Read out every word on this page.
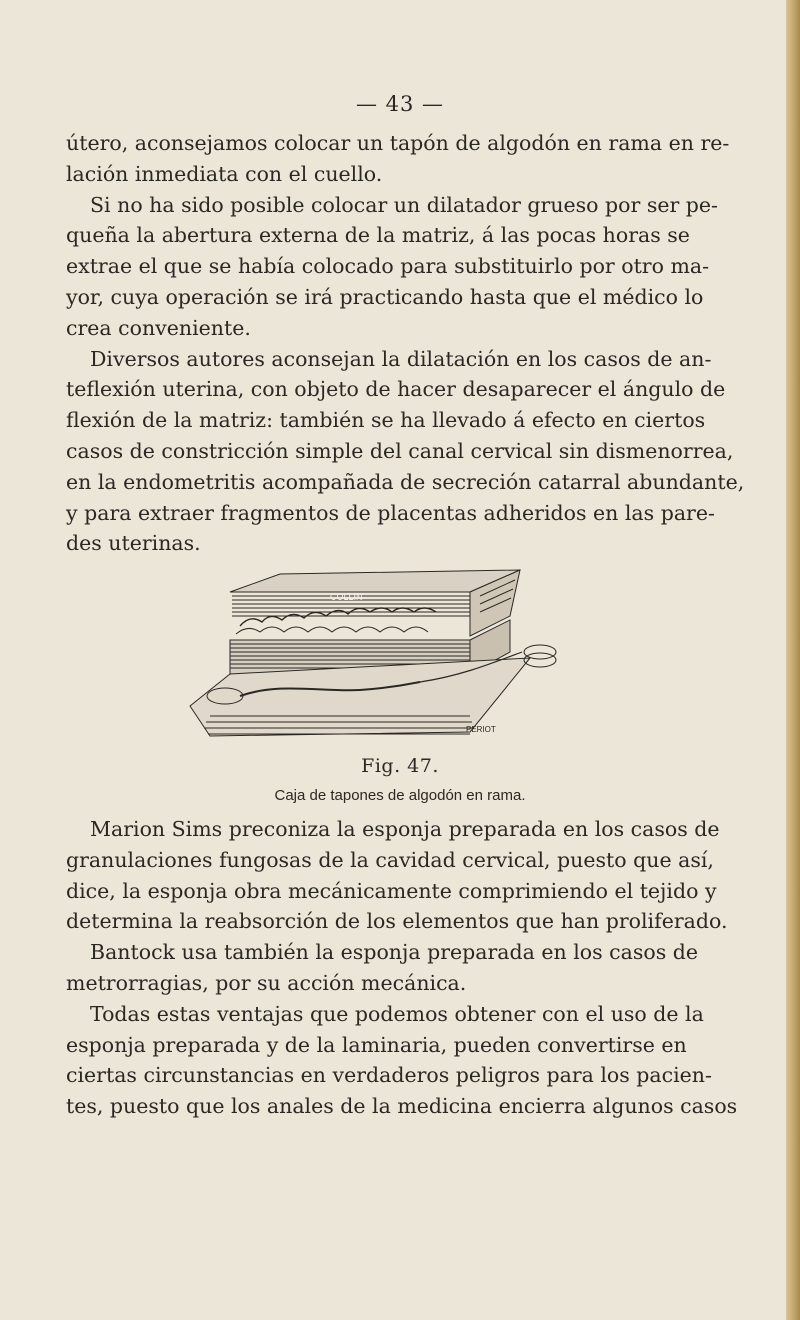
— 43 —

útero, aconsejamos colocar un tapón de algodón en rama en re-
lación inmediata con el cuello.

Si no ha sido posible colocar un dilatador grueso por ser pe-
queña la abertura externa de la matriz, á las pocas horas se
extrae el que se había colocado para substituirlo por otro ma-
yor, cuya operación se irá practicando hasta que el médico lo
crea conveniente.

Diversos autores aconsejan la dilatación en los casos de an-
teflexión uterina, con objeto de hacer desaparecer el ángulo de
flexión de la matriz: también se ha llevado á efecto en ciertos
casos de constricción simple del canal cervical sin dismenorrea,
en la endometritis acompañada de secreción catarral abundante,
y para extraer fragmentos de placentas adheridos en las pare-
des uterinas.

COLLIN
PERIOT
Fig. 47.
Caja de tapones de algodón en rama.

Marion Sims preconiza la esponja preparada en los casos de
granulaciones fungosas de la cavidad cervical, puesto que así,
dice, la esponja obra mecánicamente comprimiendo el tejido y
determina la reabsorción de los elementos que han proliferado.

Bantock usa también la esponja preparada en los casos de
metrorragias, por su acción mecánica.

Todas estas ventajas que podemos obtener con el uso de la
esponja preparada y de la laminaria, pueden convertirse en
ciertas circunstancias en verdaderos peligros para los pacien-
tes, puesto que los anales de la medicina encierra algunos casos
